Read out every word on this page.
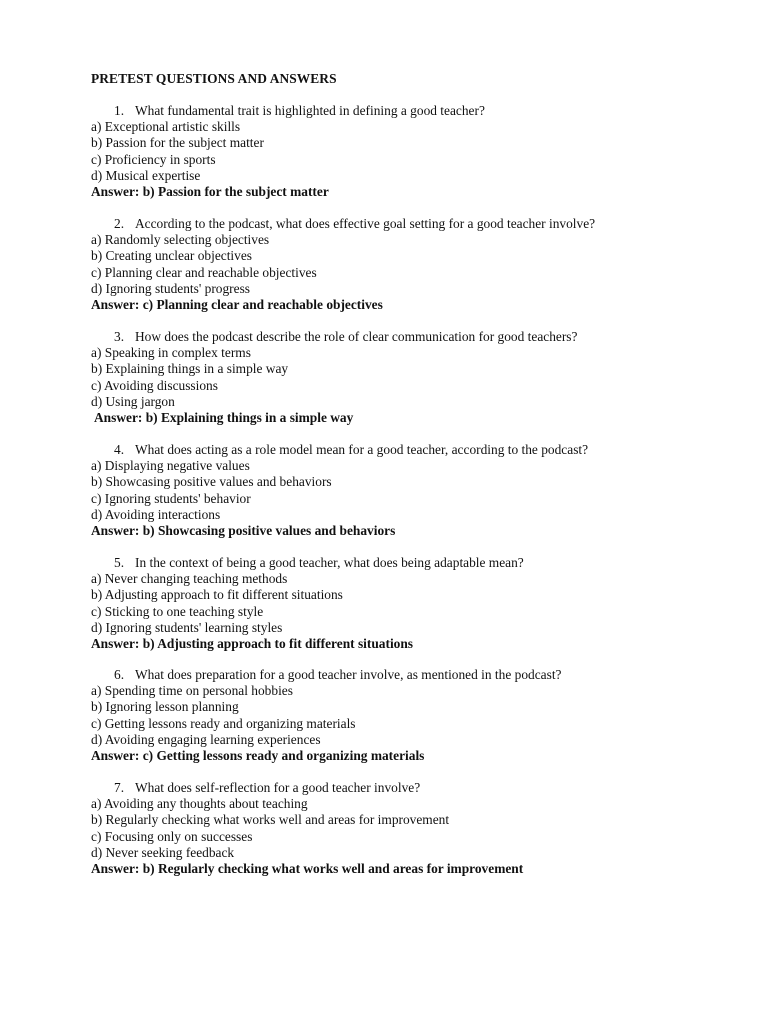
PRETEST QUESTIONS AND ANSWERS
1. What fundamental trait is highlighted in defining a good teacher?
a) Exceptional artistic skills
b) Passion for the subject matter
c) Proficiency in sports
d) Musical expertise
Answer: b) Passion for the subject matter
2. According to the podcast, what does effective goal setting for a good teacher involve?
a) Randomly selecting objectives
b) Creating unclear objectives
c) Planning clear and reachable objectives
d) Ignoring students' progress
Answer: c) Planning clear and reachable objectives
3. How does the podcast describe the role of clear communication for good teachers?
a) Speaking in complex terms
b) Explaining things in a simple way
c) Avoiding discussions
d) Using jargon
Answer: b) Explaining things in a simple way
4. What does acting as a role model mean for a good teacher, according to the podcast?
a) Displaying negative values
b) Showcasing positive values and behaviors
c) Ignoring students' behavior
d) Avoiding interactions
Answer: b) Showcasing positive values and behaviors
5. In the context of being a good teacher, what does being adaptable mean?
a) Never changing teaching methods
b) Adjusting approach to fit different situations
c) Sticking to one teaching style
d) Ignoring students' learning styles
Answer: b) Adjusting approach to fit different situations
6. What does preparation for a good teacher involve, as mentioned in the podcast?
a) Spending time on personal hobbies
b) Ignoring lesson planning
c) Getting lessons ready and organizing materials
d) Avoiding engaging learning experiences
Answer: c) Getting lessons ready and organizing materials
7. What does self-reflection for a good teacher involve?
a) Avoiding any thoughts about teaching
b) Regularly checking what works well and areas for improvement
c) Focusing only on successes
d) Never seeking feedback
Answer: b) Regularly checking what works well and areas for improvement
